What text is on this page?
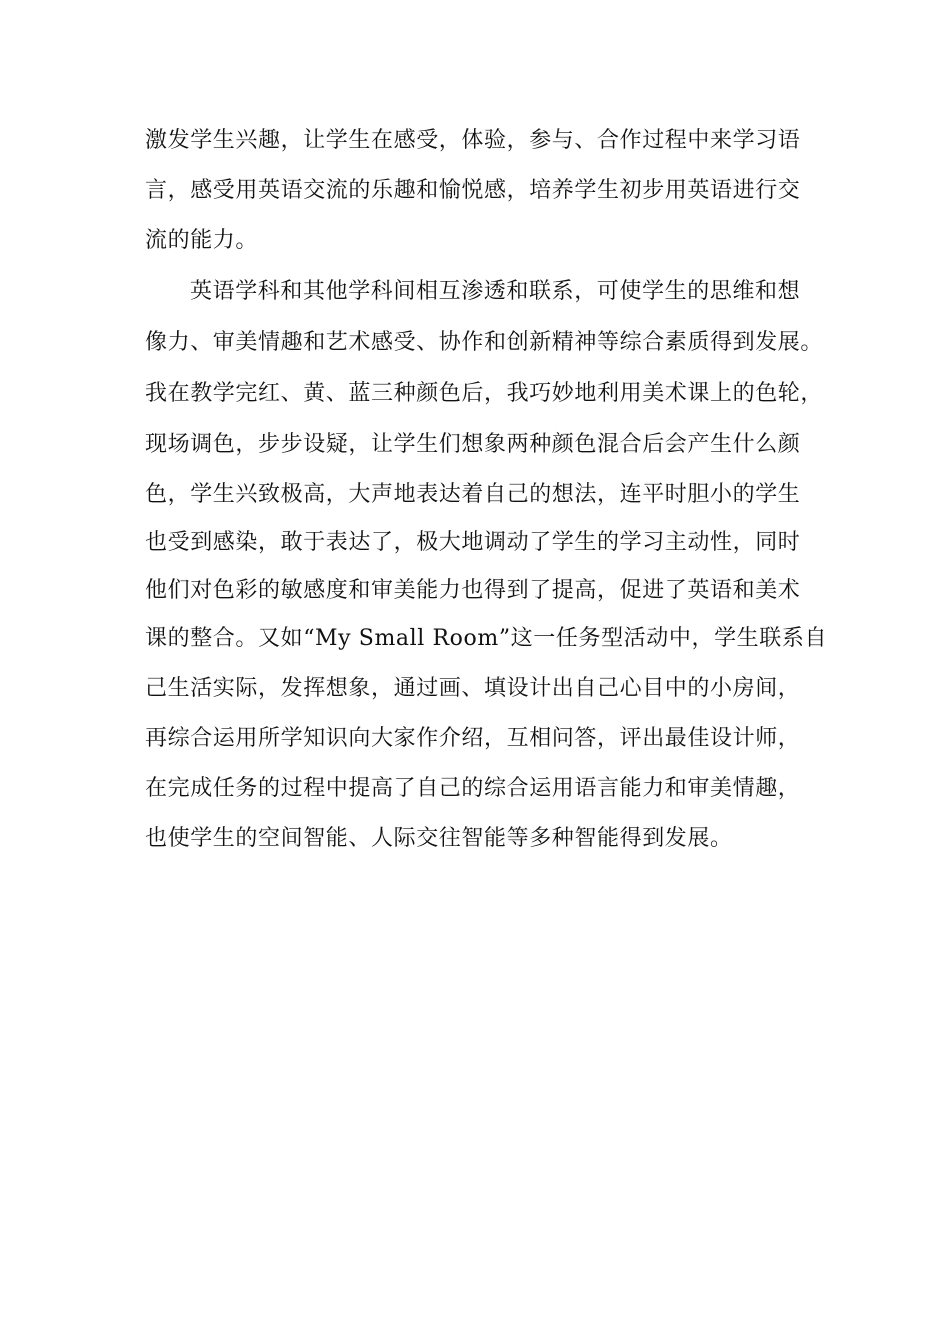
激发学生兴趣，让学生在感受，体验，参与、合作过程中来学习语
言，感受用英语交流的乐趣和愉悦感，培养学生初步用英语进行交
流的能力。
英语学科和其他学科间相互渗透和联系，可使学生的思维和想
像力、审美情趣和艺术感受、协作和创新精神等综合素质得到发展。
我在教学完红、黄、蓝三种颜色后，我巧妙地利用美术课上的色轮，
现场调色，步步设疑，让学生们想象两种颜色混合后会产生什么颜
色，学生兴致极高，大声地表达着自己的想法，连平时胆小的学生
也受到感染，敢于表达了，极大地调动了学生的学习主动性，同时
他们对色彩的敏感度和审美能力也得到了提高，促进了英语和美术
课的整合。又如“My Small Room”这一任务型活动中，学生联系自
己生活实际，发挥想象，通过画、填设计出自己心目中的小房间，
再综合运用所学知识向大家作介绍，互相问答，评出最佳设计师，
在完成任务的过程中提高了自己的综合运用语言能力和审美情趣，
也使学生的空间智能、人际交往智能等多种智能得到发展。
